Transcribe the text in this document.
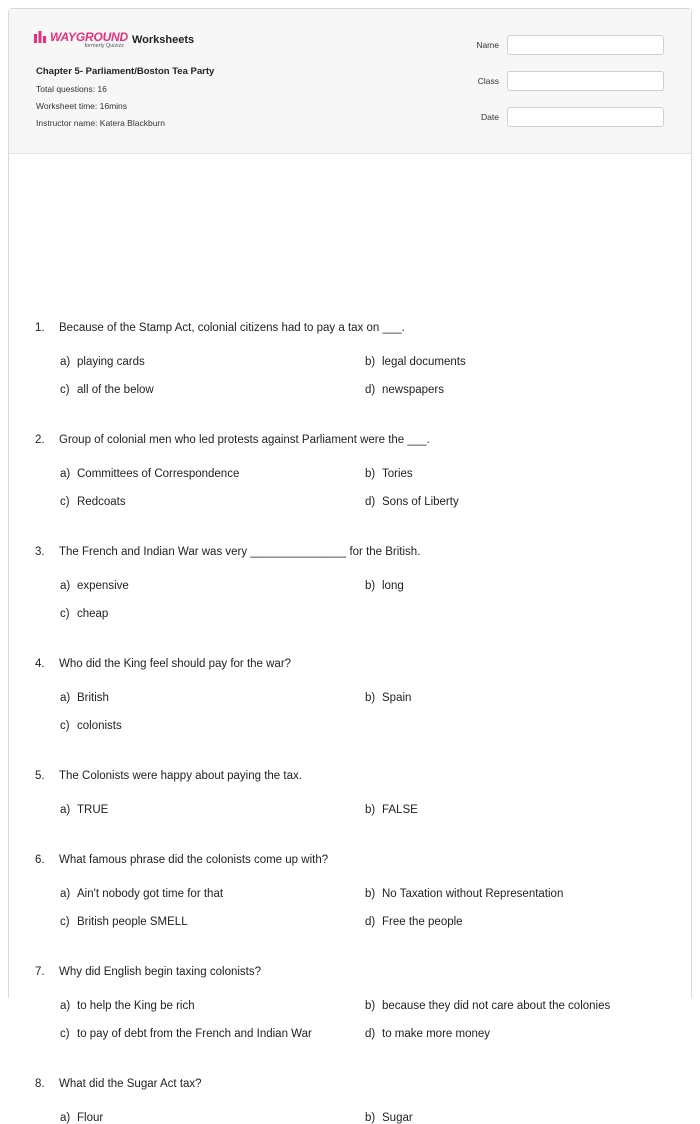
WAYGROUND
formerly Quizizz Worksheets
Chapter 5- Parliament/Boston Tea Party
Total questions: 16
Worksheet time: 16mins
Instructor name: Katera Blackburn
Name
Class
Date
1. Because of the Stamp Act, colonial citizens had to pay a tax on ___.
a) playing cards	b) legal documents
c) all of the below	d) newspapers
2. Group of colonial men who led protests against Parliament were the ___.
a) Committees of Correspondence	b) Tories
c) Redcoats	d) Sons of Liberty
3. The French and Indian War was very _______________ for the British.
a) expensive	b) long
c) cheap
4. Who did the King feel should pay for the war?
a) British	b) Spain
c) colonists
5. The Colonists were happy about paying the tax.
a) TRUE	b) FALSE
6. What famous phrase did the colonists come up with?
a) Ain't nobody got time for that	b) No Taxation without Representation
c) British people SMELL	d) Free the people
7. Why did English begin taxing colonists?
a) to help the King be rich	b) because they did not care about the colonies
c) to pay of debt from the French and Indian War	d) to make more money
8. What did the Sugar Act tax?
a) Flour	b) Sugar
